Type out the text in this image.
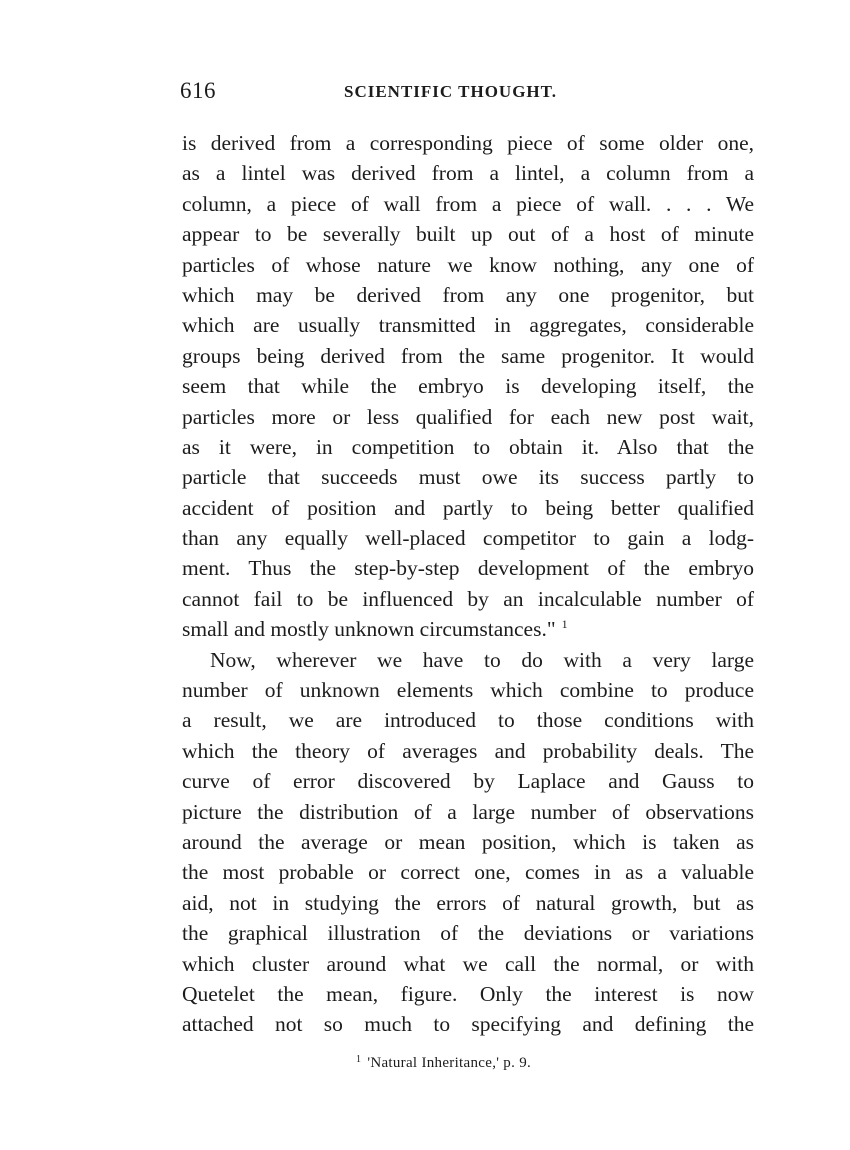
616	SCIENTIFIC THOUGHT.
is derived from a corresponding piece of some older one,
as a lintel was derived from a lintel, a column from a
column, a piece of wall from a piece of wall. . . . We
appear to be severally built up out of a host of minute
particles of whose nature we know nothing, any one of
which may be derived from any one progenitor, but
which are usually transmitted in aggregates, considerable
groups being derived from the same progenitor. It would
seem that while the embryo is developing itself, the
particles more or less qualified for each new post wait,
as it were, in competition to obtain it. Also that the
particle that succeeds must owe its success partly to
accident of position and partly to being better qualified
than any equally well-placed competitor to gain a lodg-
ment. Thus the step-by-step development of the embryo
cannot fail to be influenced by an incalculable number of
small and mostly unknown circumstances." $^1$
Now, wherever we have to do with a very large
number of unknown elements which combine to produce
a result, we are introduced to those conditions with
which the theory of averages and probability deals. The
curve of error discovered by Laplace and Gauss to
picture the distribution of a large number of observations
around the average or mean position, which is taken as
the most probable or correct one, comes in as a valuable
aid, not in studying the errors of natural growth, but as
the graphical illustration of the deviations or variations
which cluster around what we call the normal, or with
Quetelet the mean, figure. Only the interest is now
attached not so much to specifying and defining the
$^1$ 'Natural Inheritance,' p. 9.
